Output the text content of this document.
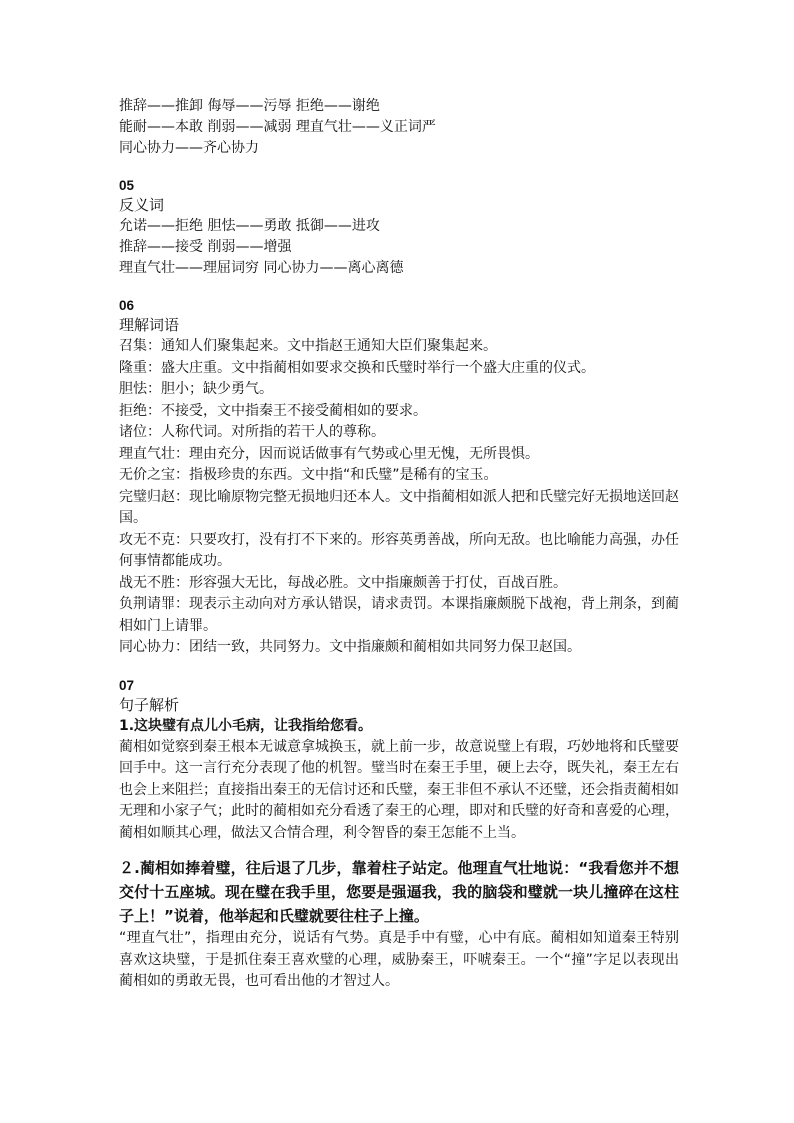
推辞——推卸 侮辱——污辱 拒绝——谢绝
能耐——本敢 削弱——减弱 理直气壮——义正词严
同心协力——齐心协力
05
反义词
允诺——拒绝 胆怯——勇敢 抵御——进攻
推辞——接受 削弱——增强
理直气壮——理屈词穷 同心协力——离心离德
06
理解词语
召集：通知人们聚集起来。文中指赵王通知大臣们聚集起来。
隆重：盛大庄重。文中指蔺相如要求交换和氏璧时举行一个盛大庄重的仪式。
胆怯：胆小；缺少勇气。
拒绝：不接受，文中指秦王不接受蔺相如的要求。
诸位：人称代词。对所指的若干人的尊称。
理直气壮：理由充分，因而说话做事有气势或心里无愧，无所畏惧。
无价之宝：指极珍贵的东西。文中指“和氏璧”是稀有的宝玉。
完璧归赵：现比喻原物完整无损地归还本人。文中指蔺相如派人把和氏璧完好无损地送回赵国。
攻无不克：只要攻打，没有打不下来的。形容英勇善战，所向无敌。也比喻能力高强，办任何事情都能成功。
战无不胜：形容强大无比，每战必胜。文中指廉颇善于打仗，百战百胜。
负荆请罪：现表示主动向对方承认错误，请求责罚。本课指廉颇脱下战袍，背上荆条，到蔺相如门上请罪。
同心协力：团结一致，共同努力。文中指廉颇和蔺相如共同努力保卫赵国。
07
句子解析
1.这块璧有点儿小毛病，让我指给您看。
蔺相如觉察到秦王根本无诚意拿城换玉，就上前一步，故意说璧上有瑕，巧妙地将和氏璧要回手中。这一言行充分表现了他的机智。璧当时在秦王手里，硬上去夺，既失礼，秦王左右也会上来阻拦；直接指出秦王的无信讨还和氏璧，秦王非但不承认不还璧，还会指责蔺相如无理和小家子气；此时的蔺相如充分看透了秦王的心理，即对和氏璧的好奇和喜爱的心理，蔺相如顺其心理，做法又合情合理，利令智昏的秦王怎能不上当。
２.蔺相如捧着璧，往后退了几步，靠着柱子站定。他理直气壮地说：“我看您并不想交付十五座城。现在璧在我手里，您要是强逼我，我的脑袋和璧就一块儿撞碎在这柱子上！”说着，他举起和氏璧就要往柱子上撞。
“理直气壮”，指理由充分，说话有气势。真是手中有璧，心中有底。蔺相如知道秦王特别喜欢这块璧，于是抓住秦王喜欢璧的心理，威胁秦王，吓唬秦王。一个“撞”字足以表现出蔺相如的勇敢无畏，也可看出他的才智过人。
